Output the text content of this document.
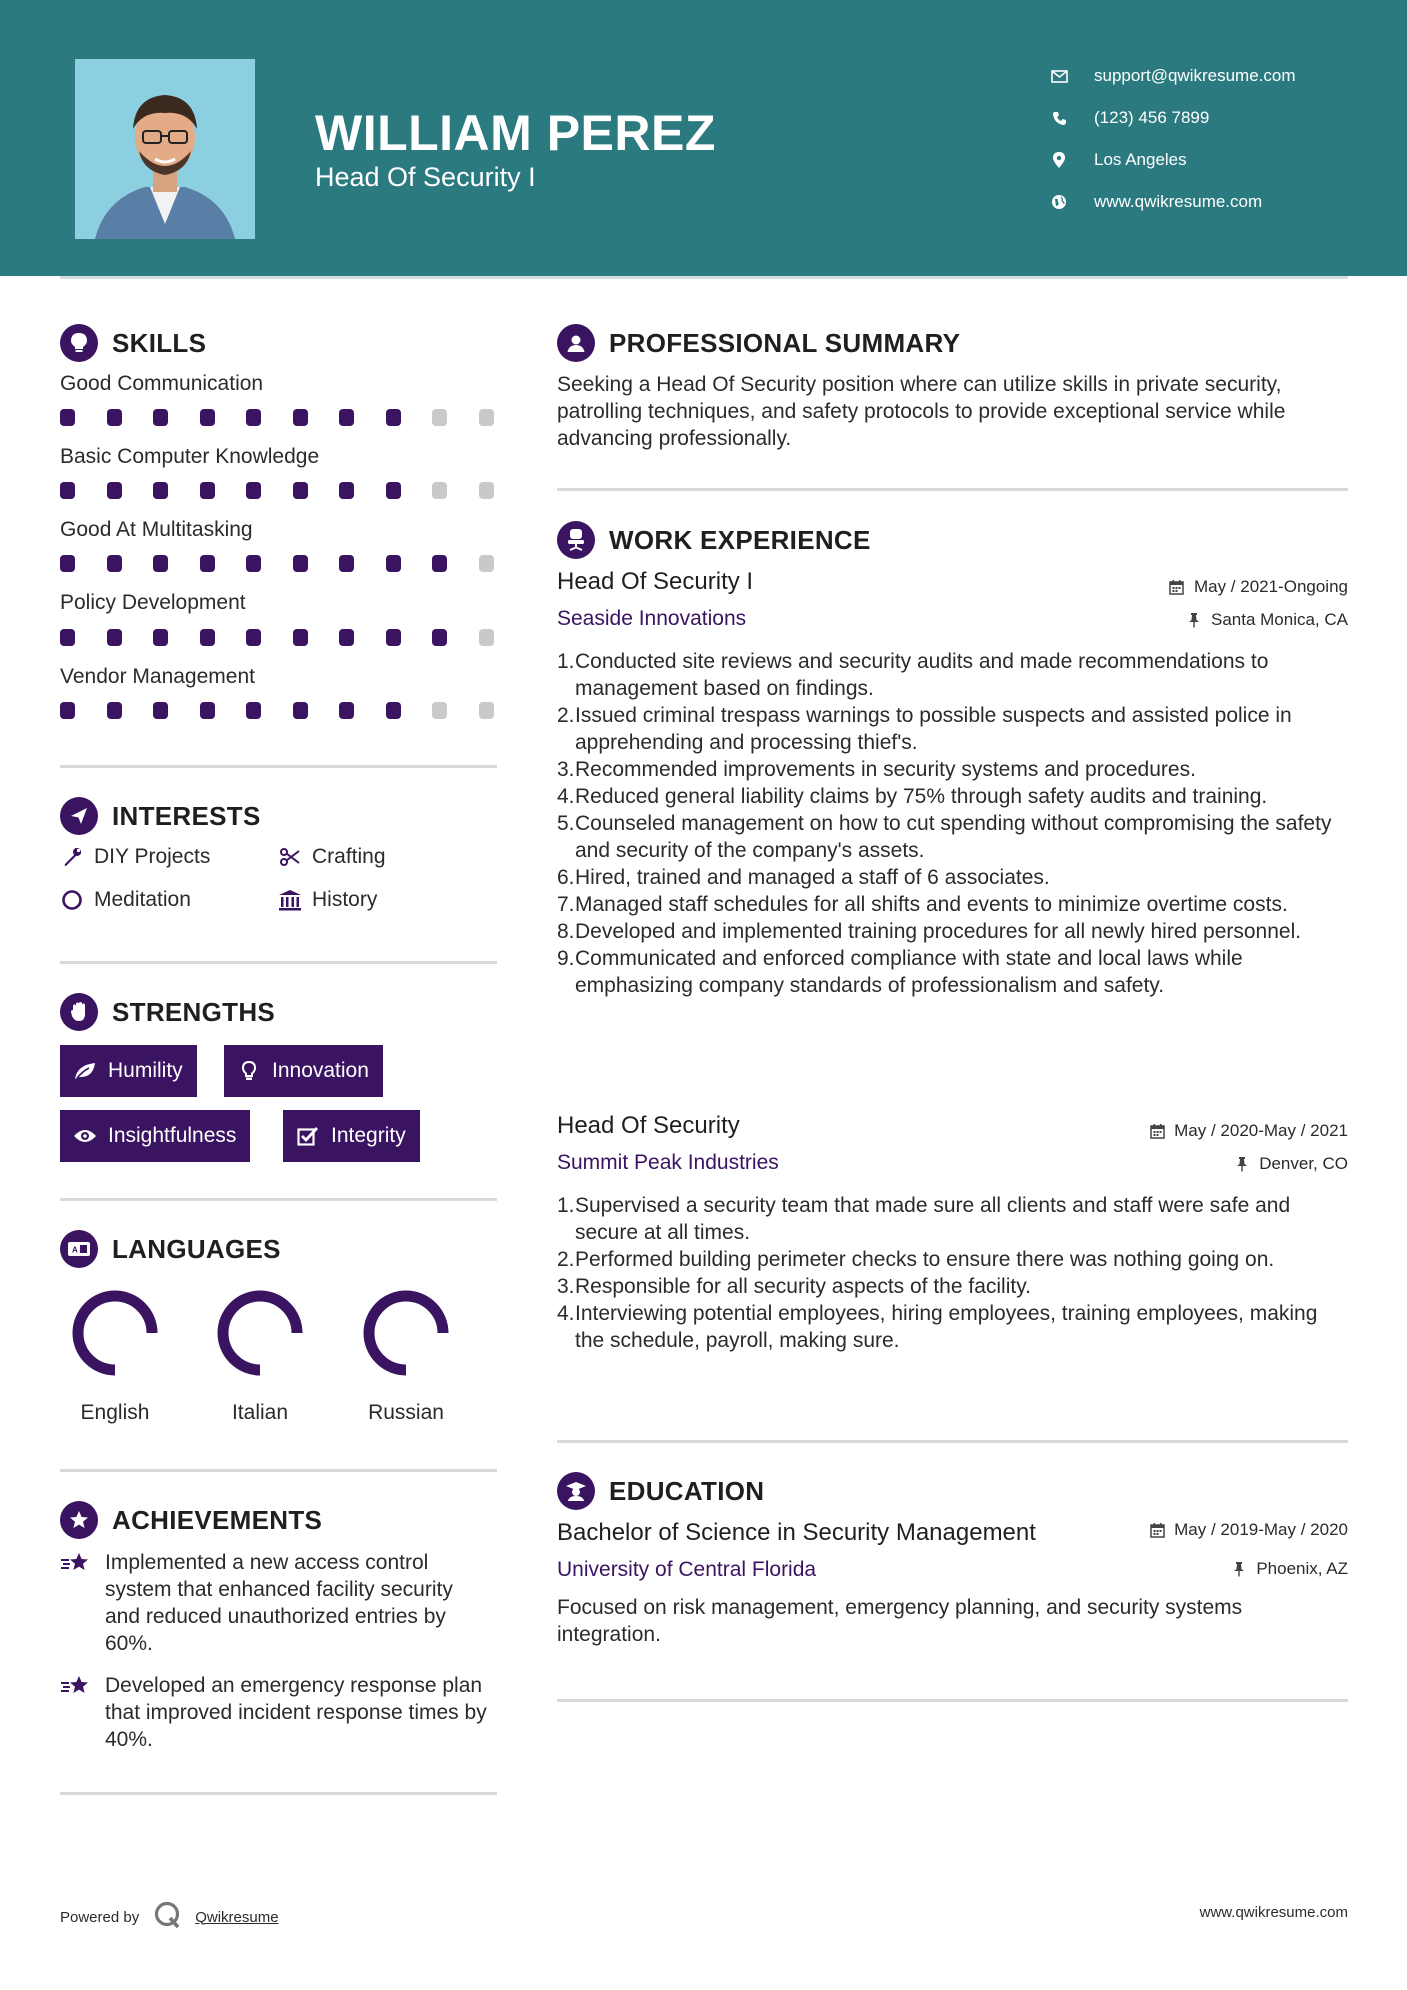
WILLIAM PEREZ
Head Of Security I
support@qwikresume.com
(123) 456 7899
Los Angeles
www.qwikresume.com
SKILLS
Good Communication
Basic Computer Knowledge
Good At Multitasking
Policy Development
Vendor Management
INTERESTS
DIY Projects	Crafting
Meditation	History
STRENGTHS
Humility	Innovation
Insightfulness	Integrity
A LANGUAGES
English	Italian	Russian
ACHIEVEMENTS
Implemented a new access control system that enhanced facility security and reduced unauthorized entries by 60%.
Developed an emergency response plan that improved incident response times by 40%.
PROFESSIONAL SUMMARY
Seeking a Head Of Security position where can utilize skills in private security, patrolling techniques, and safety protocols to provide exceptional service while advancing professionally.
WORK EXPERIENCE
Head Of Security I	May / 2021-Ongoing
Seaside Innovations	Santa Monica, CA
1. Conducted site reviews and security audits and made recommendations to management based on findings.
2. Issued criminal trespass warnings to possible suspects and assisted police in apprehending and processing thief's.
3. Recommended improvements in security systems and procedures.
4. Reduced general liability claims by 75% through safety audits and training.
5. Counseled management on how to cut spending without compromising the safety and security of the company's assets.
6. Hired, trained and managed a staff of 6 associates.
7. Managed staff schedules for all shifts and events to minimize overtime costs.
8. Developed and implemented training procedures for all newly hired personnel.
9. Communicated and enforced compliance with state and local laws while emphasizing company standards of professionalism and safety.
Head Of Security	May / 2020-May / 2021
Summit Peak Industries	Denver, CO
1. Supervised a security team that made sure all clients and staff were safe and secure at all times.
2. Performed building perimeter checks to ensure there was nothing going on.
3. Responsible for all security aspects of the facility.
4. Interviewing potential employees, hiring employees, training employees, making the schedule, payroll, making sure.
EDUCATION
Bachelor of Science in Security Management	May / 2019-May / 2020
University of Central Florida	Phoenix, AZ
Focused on risk management, emergency planning, and security systems integration.
Powered by	Qwikresume	www.qwikresume.com
